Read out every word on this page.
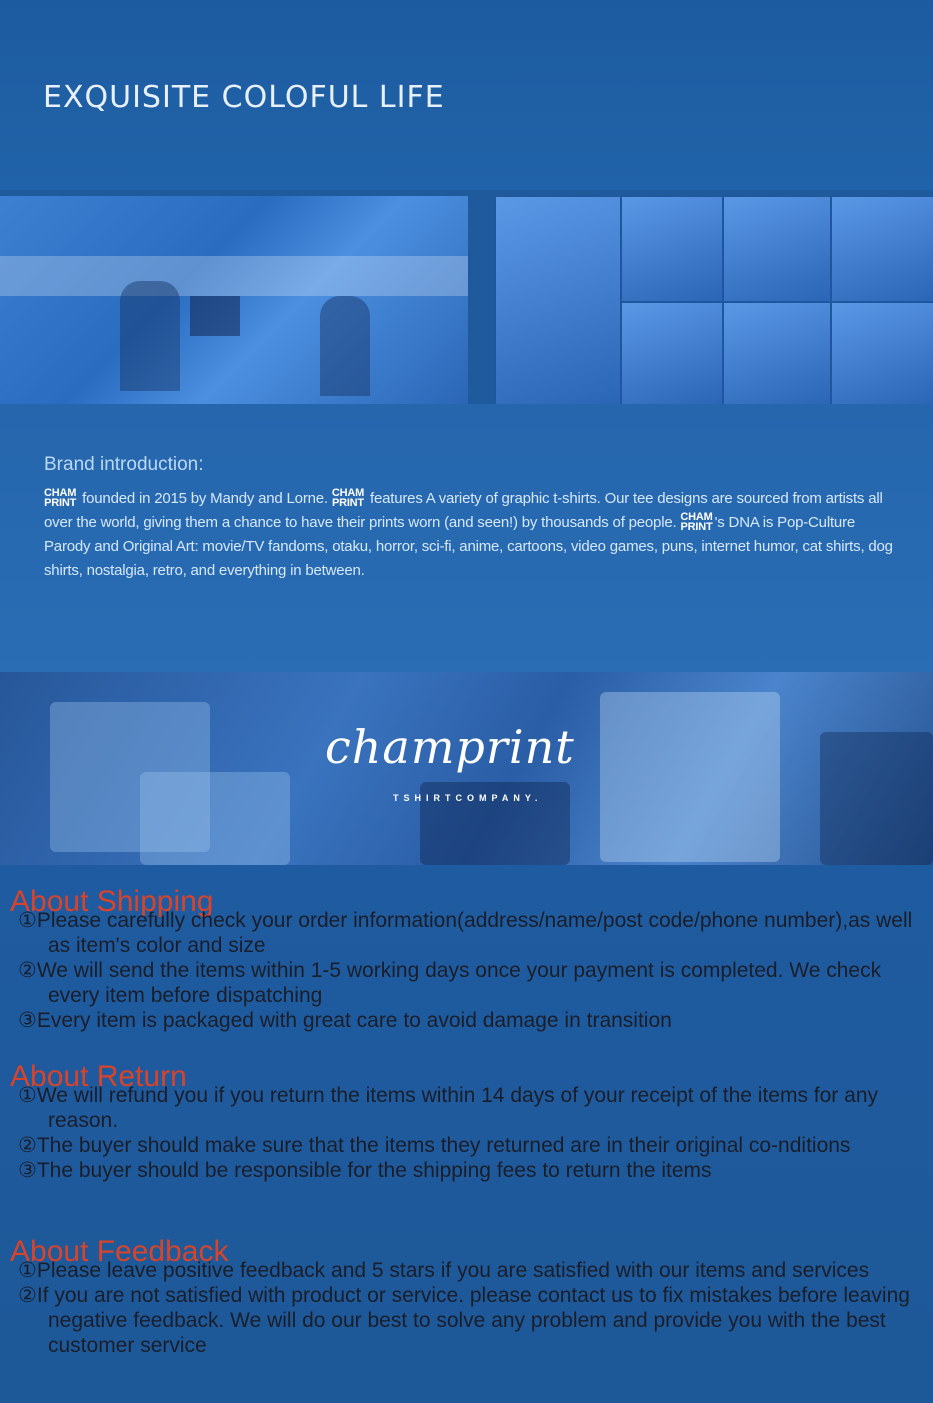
EXQUISITE COLOFUL LIFE
Brand introduction:
CHAM
PRINT founded in 2015 by Mandy and Lorne. CHAM
PRINT features A variety of graphic t-shirts. Our tee designs are sourced from artists all over the world, giving them a chance to have their prints worn (and seen!) by thousands of people. CHAM
PRINT 's DNA is Pop-Culture Parody and Original Art: movie/TV fandoms, otaku, horror, sci-fi, anime, cartoons, video games, puns, internet humor, cat shirts, dog shirts, nostalgia, retro, and everything in between.
champrint
TSHIRTCOMPANY.
About Shipping
①Please carefully check your order information(address/name/post code/phone number),as well as item's color and size
②We will send the items within 1-5 working days once your payment is completed. We check every item before dispatching
③Every item is packaged with great care to avoid damage in transition
About Return
①We will refund you if you return the items within 14 days of your receipt of the items for any reason.
②The buyer should make sure that the items they returned are in their original co-nditions
③The buyer should be responsible for the shipping fees to return the items
About Feedback
①Please leave positive feedback and 5 stars if you are satisfied with our items and services
②If you are not satisfied with product or service. please contact us to fix mistakes before leaving negative feedback. We will do our best to solve any problem and provide you with the best customer service
